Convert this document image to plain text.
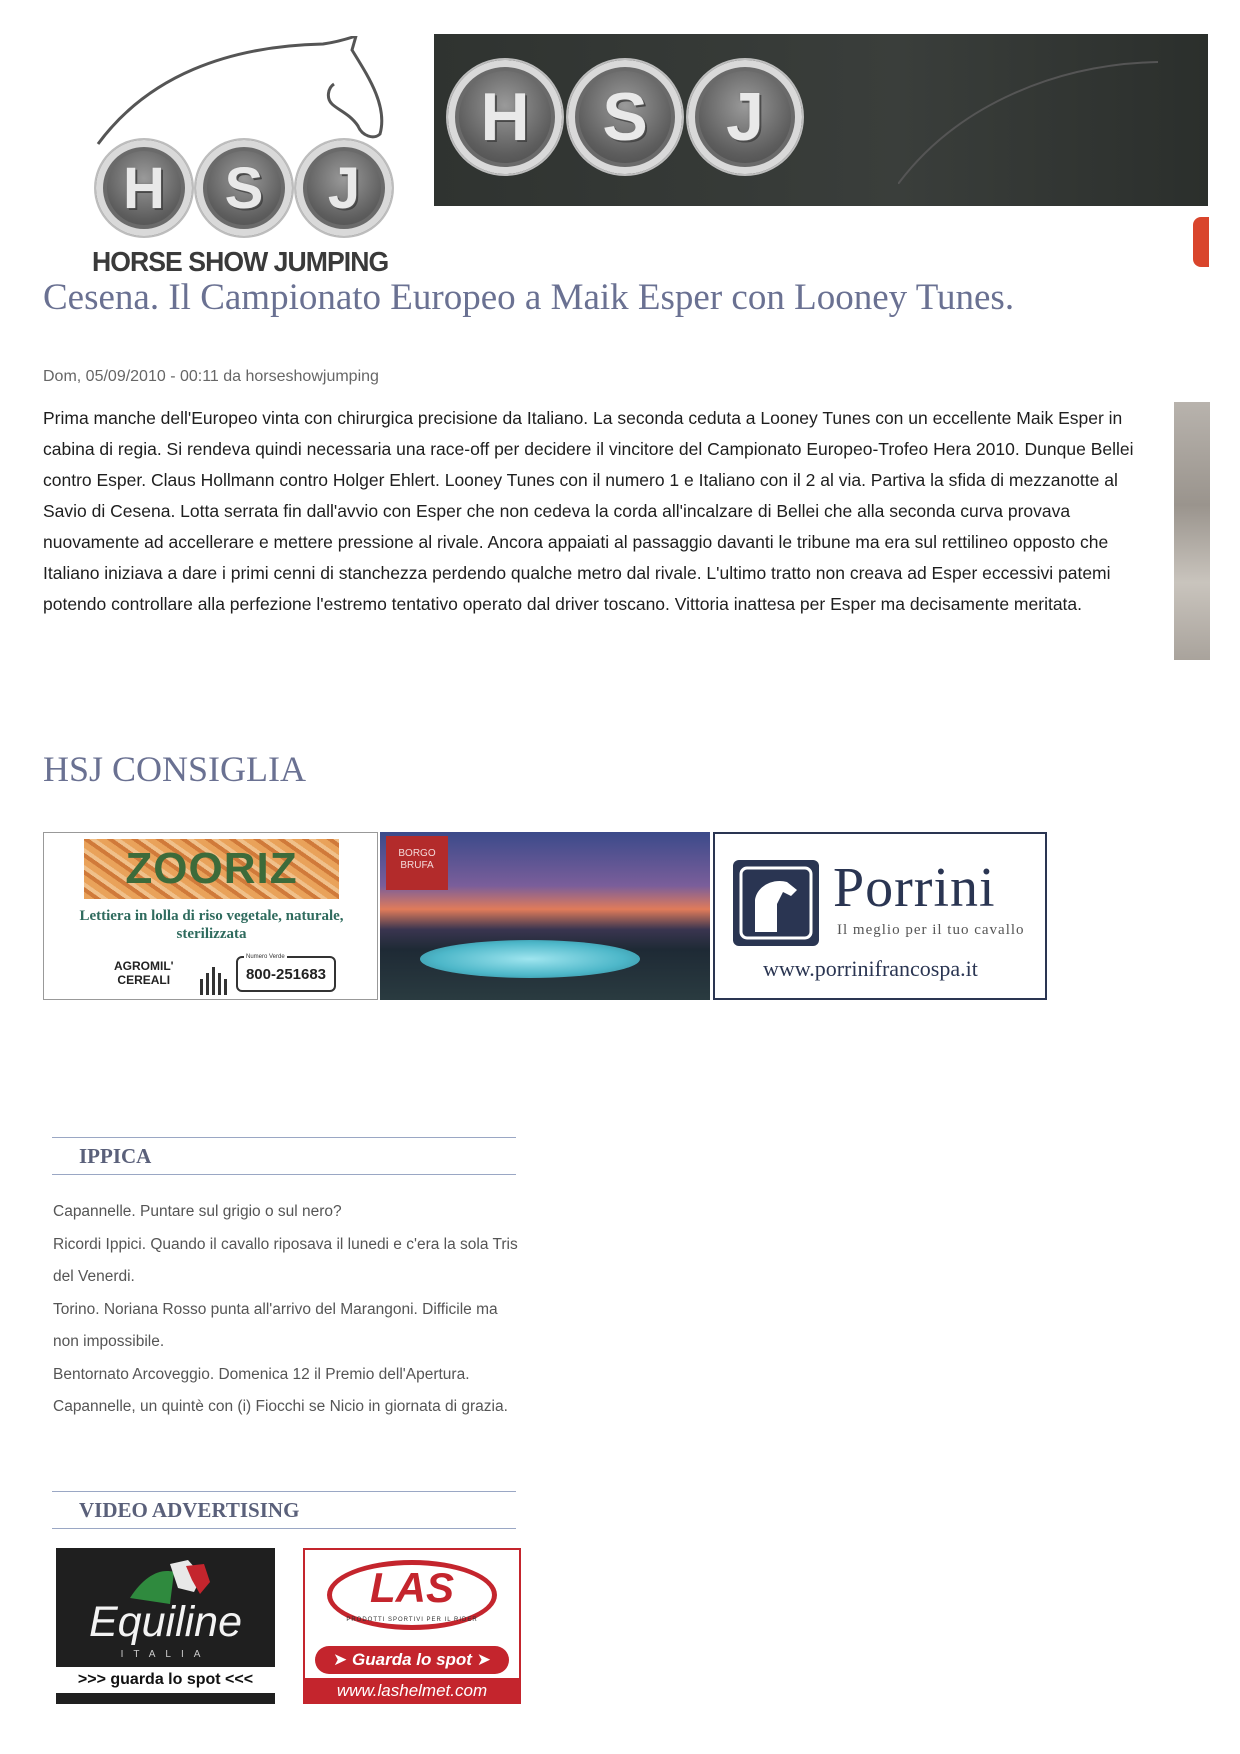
H S J
HORSE SHOW JUMPING
H S J
Cesena. Il Campionato Europeo a Maik Esper con Looney Tunes.
Dom, 05/09/2010 - 00:11 da horseshowjumping

Prima manche dell'Europeo vinta con chirurgica precisione da Italiano. La seconda ceduta a Looney Tunes con un eccellente Maik Esper in cabina di regia. Si rendeva quindi necessaria una race-off per decidere il vincitore del Campionato Europeo-Trofeo Hera 2010. Dunque Bellei contro Esper. Claus Hollmann contro Holger Ehlert. Looney Tunes con il numero 1 e Italiano con il 2 al via. Partiva la sfida di mezzanotte al Savio di Cesena. Lotta serrata fin dall'avvio con Esper che non cedeva la corda all'incalzare di Bellei che alla seconda curva provava nuovamente ad accellerare e mettere pressione al rivale. Ancora appaiati al passaggio davanti le tribune ma era sul rettilineo opposto che Italiano iniziava a dare i primi cenni di stanchezza perdendo qualche metro dal rivale. L'ultimo tratto non creava ad Esper eccessivi patemi potendo controllare alla perfezione l'estremo tentativo operato dal driver toscano. Vittoria inattesa per Esper ma decisamente meritata.

HSJ CONSIGLIA
ZOORIZ
Lettiera in lolla di riso vegetale, naturale, sterilizzata
AGROMIL'
CEREALI	800-251683
Numero Verde
BORGO BRUFA	Porrini
Il meglio per il tuo cavallo
www.porrinifrancospa.it
IPPICA
Capannelle. Puntare sul grigio o sul nero?
Ricordi Ippici. Quando il cavallo riposava il lunedi e c'era la sola Tris del Venerdi.
Torino. Noriana Rosso punta all'arrivo del Marangoni. Difficile ma non impossibile.
Bentornato Arcoveggio. Domenica 12 il Premio dell'Apertura.
Capannelle, un quintè con (i) Fiocchi se Nicio in giornata di grazia.
VIDEO ADVERTISING
Equiline
ITALIA
>>> guarda lo spot <<<
LAS
PRODOTTI SPORTIVI PER IL RIDER
➤ Guarda lo spot ➤
www.lashelmet.com
